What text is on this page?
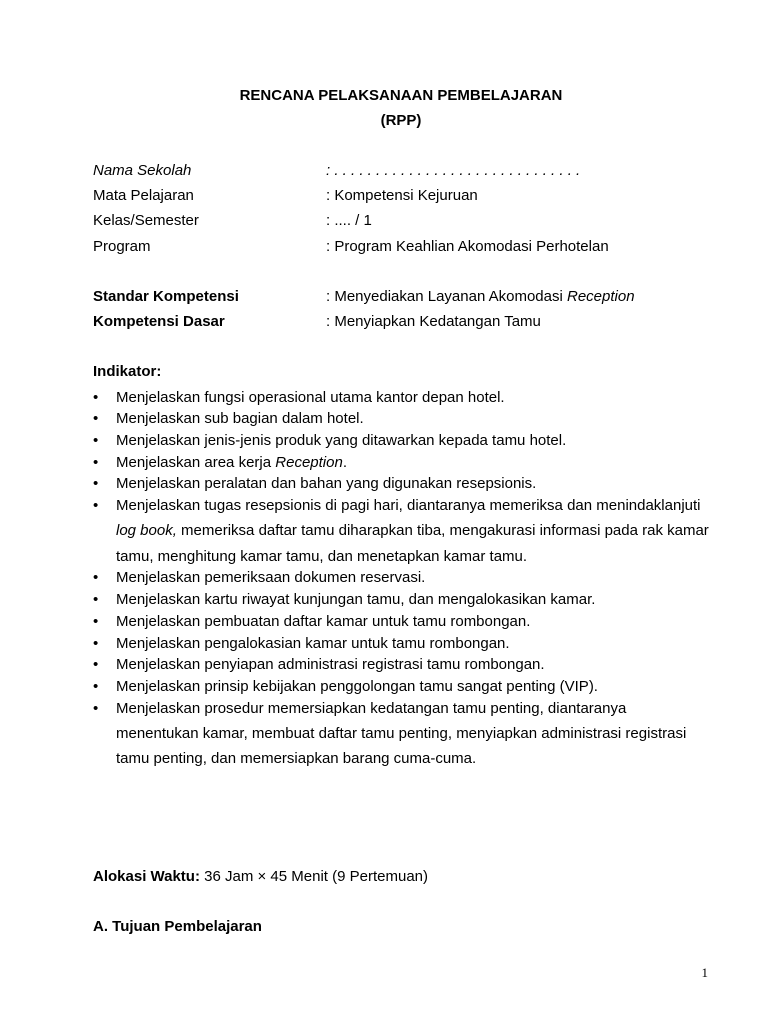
RENCANA PELAKSANAAN PEMBELAJARAN
(RPP)
Nama Sekolah	: . . . . . . . . . . . . . . . . . . . . . . . . . . . . . .
Mata Pelajaran	: Kompetensi Kejuruan
Kelas/Semester	: .... / 1
Program	: Program Keahlian Akomodasi Perhotelan
Standar Kompetensi	: Menyediakan Layanan Akomodasi Reception
Kompetensi Dasar	: Menyiapkan Kedatangan Tamu
Indikator:
• Menjelaskan fungsi operasional utama kantor depan hotel.
• Menjelaskan sub bagian dalam hotel.
• Menjelaskan jenis-jenis produk yang ditawarkan kepada tamu hotel.
• Menjelaskan area kerja Reception.
• Menjelaskan peralatan dan bahan yang digunakan resepsionis.
• Menjelaskan tugas resepsionis di pagi hari, diantaranya memeriksa dan menindaklanjuti log book, memeriksa daftar tamu diharapkan tiba, mengakurasi informasi pada rak kamar tamu, menghitung kamar tamu, dan menetapkan kamar tamu.
• Menjelaskan pemeriksaan dokumen reservasi.
• Menjelaskan kartu riwayat kunjungan tamu, dan mengalokasikan kamar.
• Menjelaskan pembuatan daftar kamar untuk tamu rombongan.
• Menjelaskan pengalokasian kamar untuk tamu rombongan.
• Menjelaskan penyiapan administrasi registrasi tamu rombongan.
• Menjelaskan prinsip kebijakan penggolongan tamu sangat penting (VIP).
• Menjelaskan prosedur memersiapkan kedatangan tamu penting, diantaranya menentukan kamar, membuat daftar tamu penting, menyiapkan administrasi registrasi tamu penting, dan memersiapkan barang cuma-cuma.
Alokasi Waktu: 36 Jam × 45 Menit (9 Pertemuan)
A. Tujuan Pembelajaran
1
